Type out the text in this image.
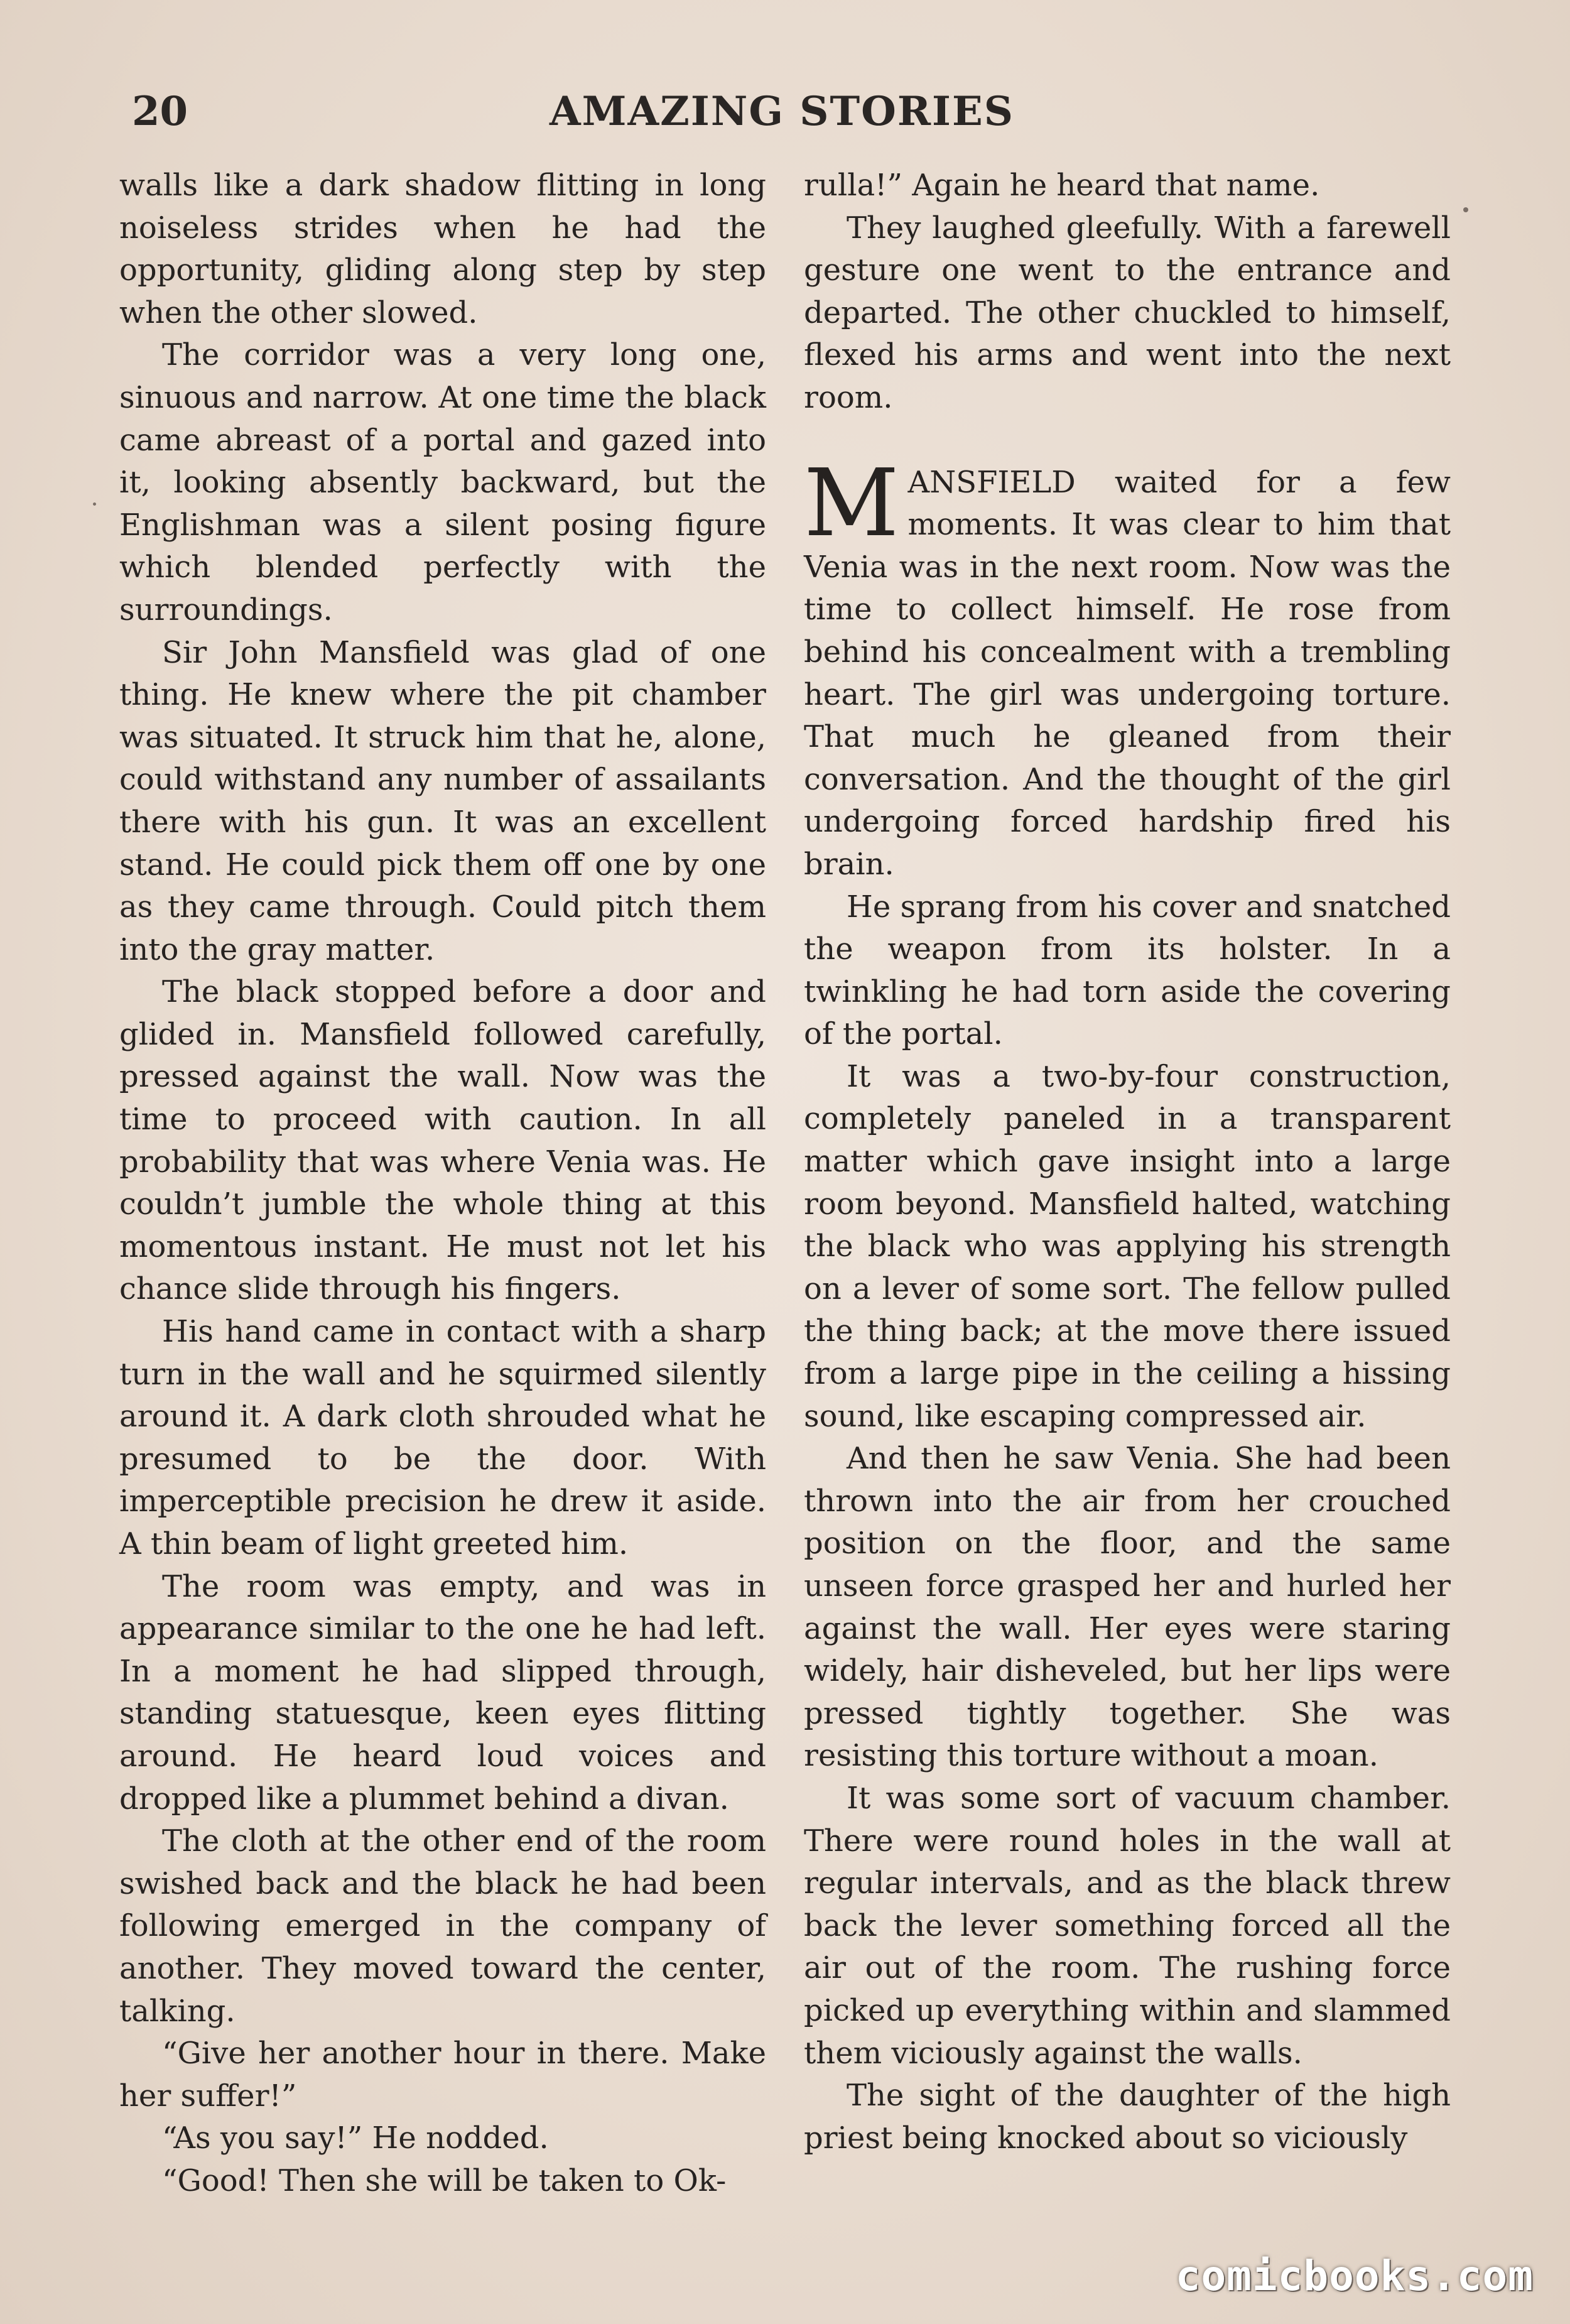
20	AMAZING STORIES

walls like a dark shadow flitting in long noiseless strides when he had the opportunity, gliding along step by step when the other slowed.

The corridor was a very long one, sinuous and narrow. At one time the black came abreast of a portal and gazed into it, looking absently backward, but the Englishman was a silent posing figure which blended perfectly with the surroundings.

Sir John Mansfield was glad of one thing. He knew where the pit chamber was situated. It struck him that he, alone, could withstand any number of assailants there with his gun. It was an excellent stand. He could pick them off one by one as they came through. Could pitch them into the gray matter.

The black stopped before a door and glided in. Mansfield followed carefully, pressed against the wall. Now was the time to proceed with caution. In all probability that was where Venia was. He couldn’t jumble the whole thing at this momentous instant. He must not let his chance slide through his fingers.

His hand came in contact with a sharp turn in the wall and he squirmed silently around it. A dark cloth shrouded what he presumed to be the door. With imperceptible precision he drew it aside. A thin beam of light greeted him.

The room was empty, and was in appearance similar to the one he had left. In a moment he had slipped through, standing statuesque, keen eyes flitting around. He heard loud voices and dropped like a plummet behind a divan.

The cloth at the other end of the room swished back and the black he had been following emerged in the company of another. They moved toward the center, talking.

“Give her another hour in there. Make her suffer!”

“As you say!” He nodded.

“Good! Then she will be taken to Ok-

rulla!” Again he heard that name.

They laughed gleefully. With a farewell gesture one went to the entrance and departed. The other chuckled to himself, flexed his arms and went into the next room.

MANSFIELD waited for a few moments. It was clear to him that Venia was in the next room. Now was the time to collect himself. He rose from behind his concealment with a trembling heart. The girl was undergoing torture. That much he gleaned from their conversation. And the thought of the girl undergoing forced hardship fired his brain.

He sprang from his cover and snatched the weapon from its holster. In a twinkling he had torn aside the covering of the portal.

It was a two-by-four construction, completely paneled in a transparent matter which gave insight into a large room beyond. Mansfield halted, watching the black who was applying his strength on a lever of some sort. The fellow pulled the thing back; at the move there issued from a large pipe in the ceiling a hissing sound, like escaping compressed air.

And then he saw Venia. She had been thrown into the air from her crouched position on the floor, and the same unseen force grasped her and hurled her against the wall. Her eyes were staring widely, hair disheveled, but her lips were pressed tightly together. She was resisting this torture without a moan.

It was some sort of vacuum chamber. There were round holes in the wall at regular intervals, and as the black threw back the lever something forced all the air out of the room. The rushing force picked up everything within and slammed them viciously against the walls.

The sight of the daughter of the high priest being knocked about so viciously

comicbooks.com
